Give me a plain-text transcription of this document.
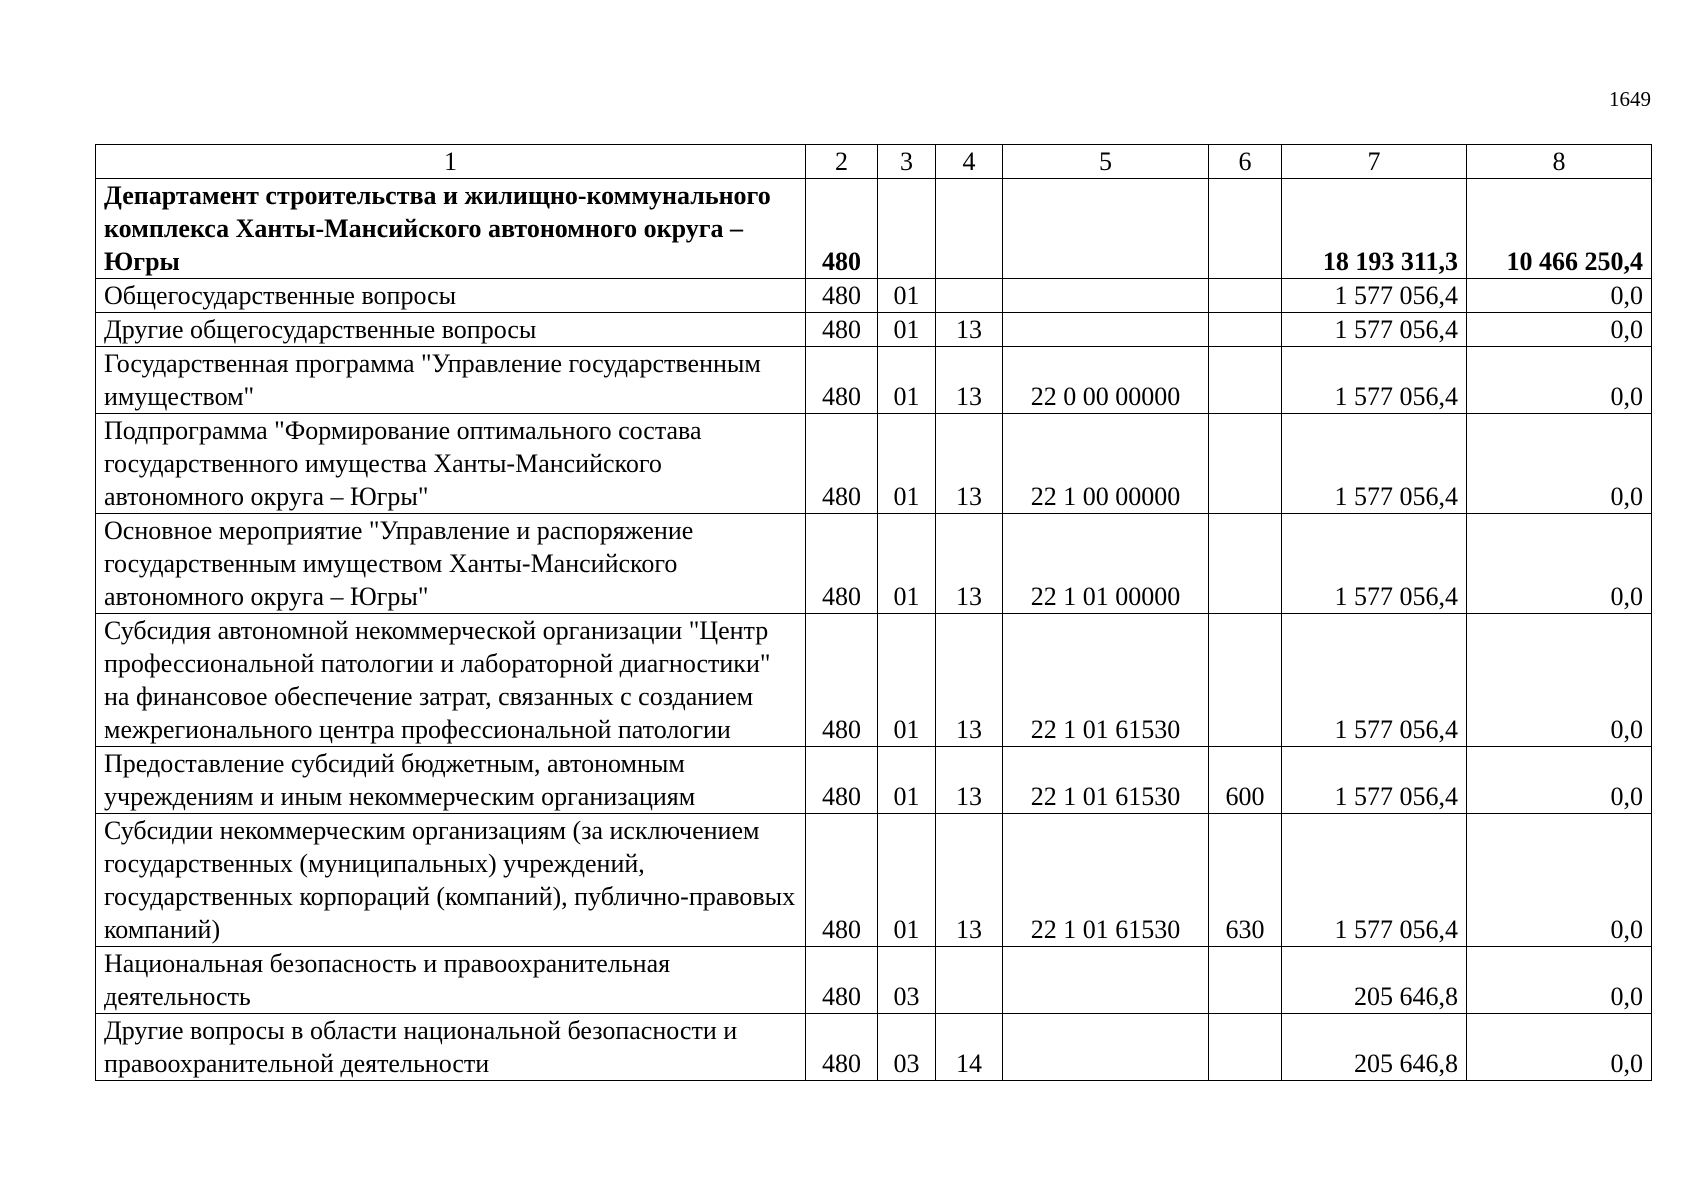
1649
1	2	3	4	5	6	7	8
Департамент строительства и жилищно-коммунального комплекса Ханты-Мансийского автономного округа – Югры	480					18 193 311,3	10 466 250,4
Общегосударственные вопросы	480	01				1 577 056,4	0,0
Другие общегосударственные вопросы	480	01	13			1 577 056,4	0,0
Государственная программа "Управление государственным имуществом"	480	01	13	22 0 00 00000		1 577 056,4	0,0
Подпрограмма "Формирование оптимального состава государственного имущества Ханты-Мансийского автономного округа – Югры"	480	01	13	22 1 00 00000		1 577 056,4	0,0
Основное мероприятие "Управление и распоряжение государственным имуществом Ханты-Мансийского автономного округа – Югры"	480	01	13	22 1 01 00000		1 577 056,4	0,0
Субсидия автономной некоммерческой организации "Центр профессиональной патологии и лабораторной диагностики" на финансовое обеспечение затрат, связанных с созданием межрегионального центра профессиональной патологии	480	01	13	22 1 01 61530		1 577 056,4	0,0
Предоставление субсидий бюджетным, автономным учреждениям и иным некоммерческим организациям	480	01	13	22 1 01 61530	600	1 577 056,4	0,0
Субсидии некоммерческим организациям (за исключением государственных (муниципальных) учреждений, государственных корпораций (компаний), публично-правовых компаний)	480	01	13	22 1 01 61530	630	1 577 056,4	0,0
Национальная безопасность и правоохранительная деятельность	480	03				205 646,8	0,0
Другие вопросы в области национальной безопасности и правоохранительной деятельности	480	03	14			205 646,8	0,0
